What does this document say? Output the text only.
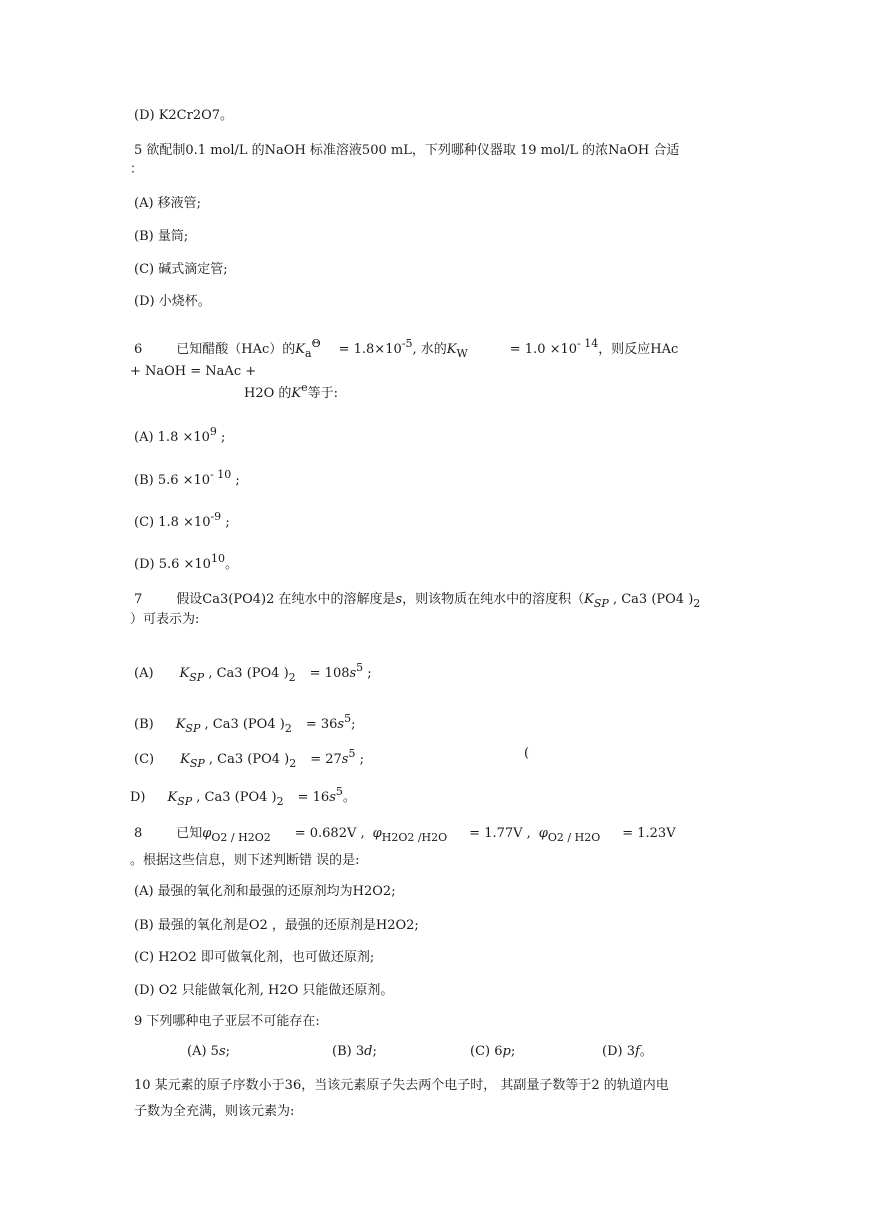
(D) K2Cr2O7。
5 欲配制0.1 mol/L 的NaOH 标准溶液500 mL，下列哪种仪器取 19 mol/L 的浓NaOH 合适
：
(A) 移液管;
(B) 量筒;
(C) 碱式滴定管;
(D) 小烧杯。
6	已知醋酸（HAc）的$K_a^\Theta = 1.8\times 10^{-5}$, 水的$K_W$	= $1.0 \times 10^{- 14}$，则反应HAc
+ NaOH = NaAc +
H2O 的$K^e$等于:
(A) $1.8 \times 10^9$ ;
(B) $5.6 \times 10^{- 10}$ ;
(C) $1.8 \times 10^{-9}$ ;
(D) $5.6 \times 10^{10}$。
7	假设Ca3(PO4)2 在纯水中的溶解度是s，则该物质在纯水中的溶度积（$K_{SP}$ , Ca3 (PO4 )$_2$
）可表示为:
(A) $K_{SP}$ , Ca3 (PO4 )$_2 = 108s^5$ ;
(B) $K_{SP}$ , Ca3 (PO4 )$_2 = 36s^5$;
(C) $K_{SP}$ , Ca3 (PO4 )$_2 = 27s^5$ ;	(
D) $K_{SP}$ , Ca3 (PO4 )$_2 = 16s^5$。
8	已知$\varphi_{O2 / H2O2} = 0.682V$ , $\varphi_{H2O2 /H2O} = 1.77V$ , $\varphi_{O2 / H2O} = 1.23V$
。根据这些信息，则下述判断错 误的是:
(A) 最强的氧化剂和最强的还原剂均为H2O2;
(B) 最强的氧化剂是O2 ，最强的还原剂是H2O2;
(C) H2O2 即可做氧化剂，也可做还原剂;
(D) O2 只能做氧化剂, H2O 只能做还原剂。
9 下列哪种电子亚层不可能存在:
(A) 5s;	(B) 3d;	(C) 6p;	(D) 3f。
10 某元素的原子序数小于36，当该元素原子失去两个电子时， 其副量子数等于2 的轨道内电
子数为全充满，则该元素为:
